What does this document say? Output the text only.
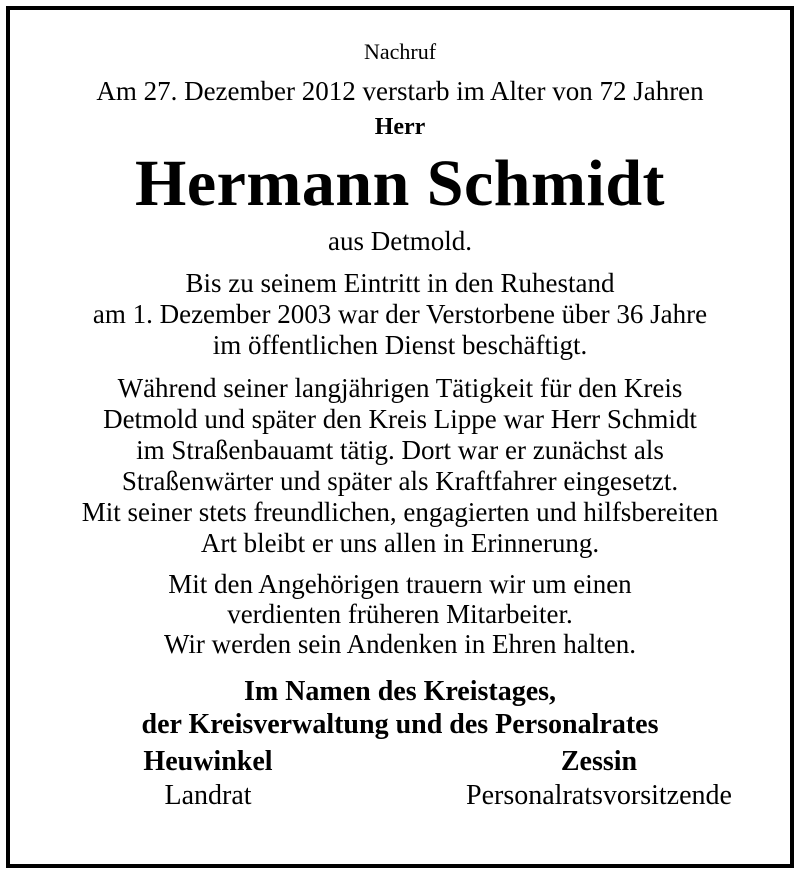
Nachruf
Am 27. Dezember 2012 verstarb im Alter von 72 Jahren
Herr
Hermann Schmidt
aus Detmold.
Bis zu seinem Eintritt in den Ruhestand
am 1. Dezember 2003 war der Verstorbene über 36 Jahre
im öffentlichen Dienst beschäftigt.
Während seiner langjährigen Tätigkeit für den Kreis
Detmold und später den Kreis Lippe war Herr Schmidt
im Straßenbauamt tätig. Dort war er zunächst als
Straßenwärter und später als Kraftfahrer eingesetzt.
Mit seiner stets freundlichen, engagierten und hilfsbereiten
Art bleibt er uns allen in Erinnerung.
Mit den Angehörigen trauern wir um einen
verdienten früheren Mitarbeiter.
Wir werden sein Andenken in Ehren halten.
Im Namen des Kreistages,
der Kreisverwaltung und des Personalrates
Heuwinkel
Landrat
Zessin
Personalratsvorsitzende
